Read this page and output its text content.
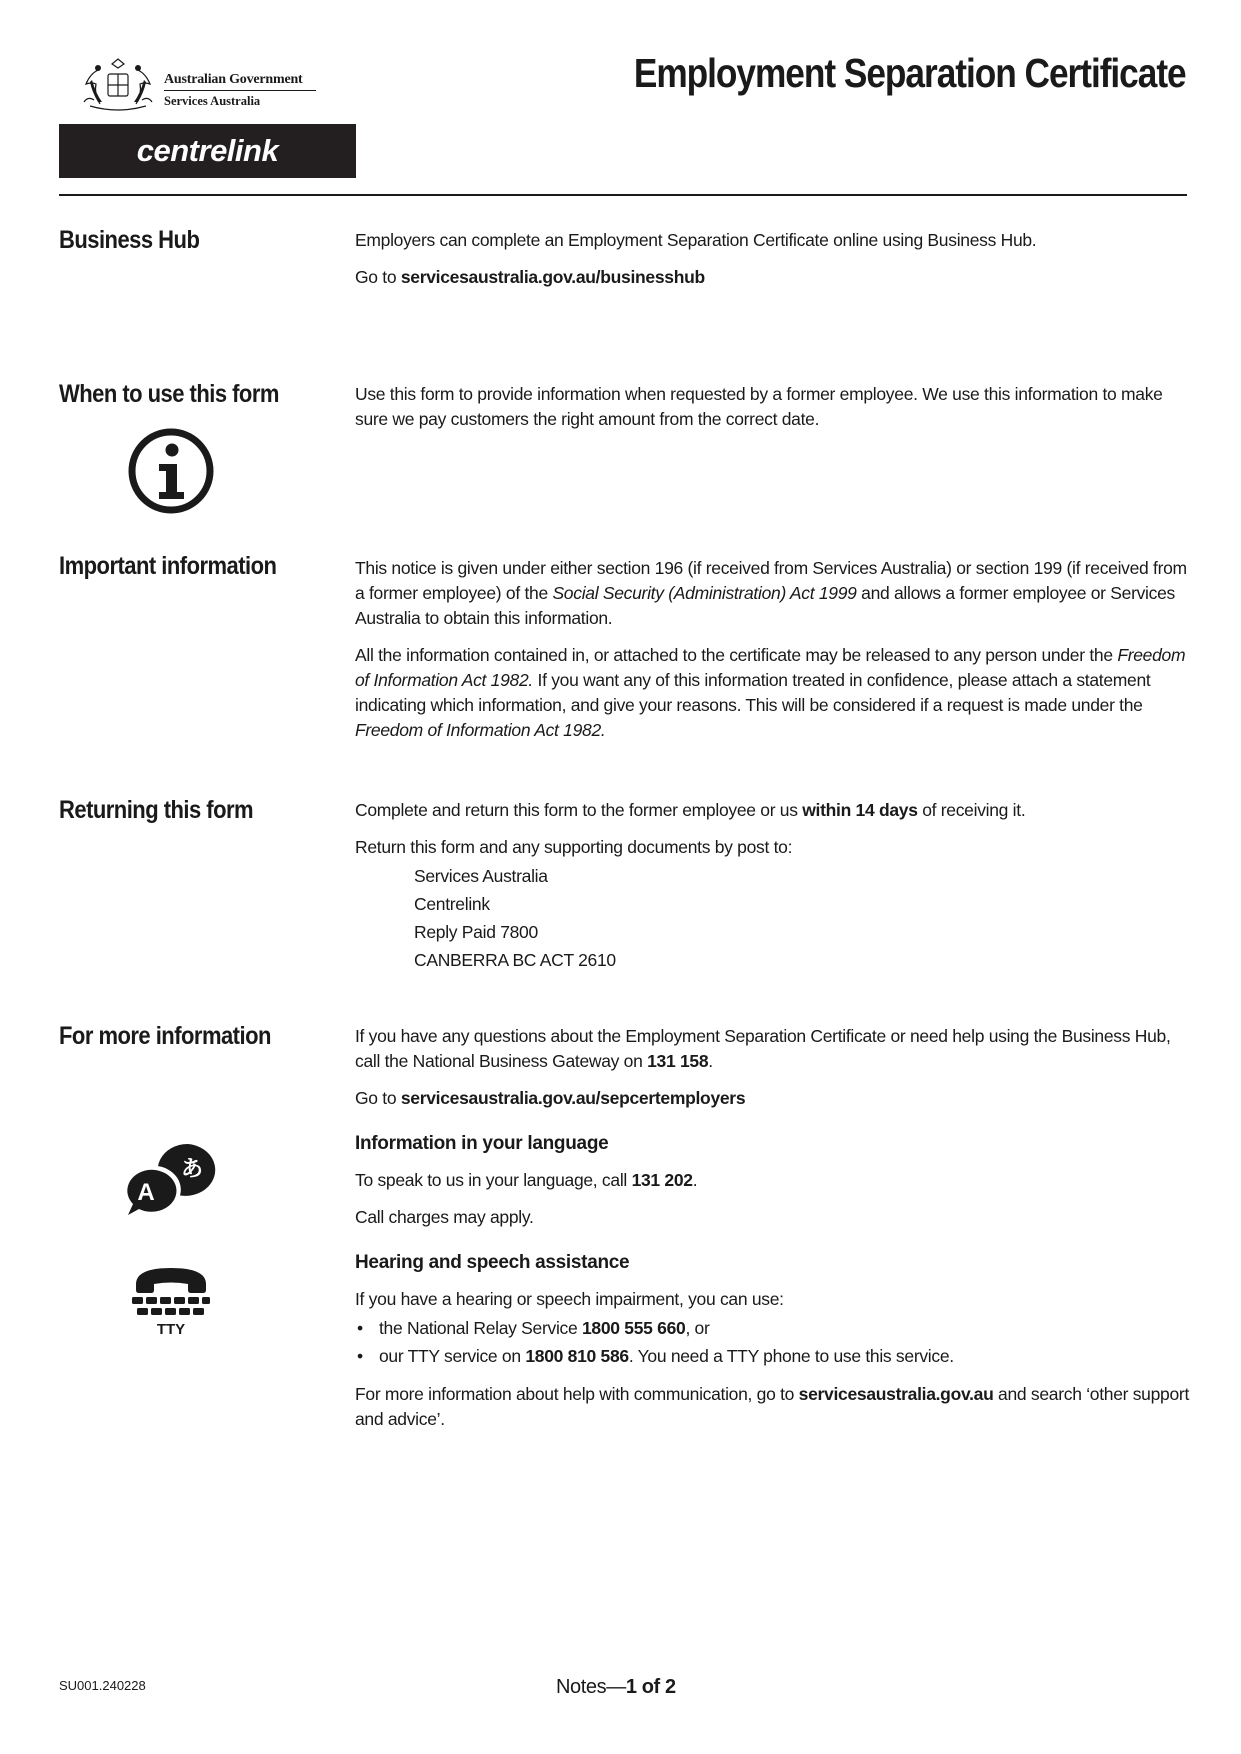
Australian Government
Services Australia
centrelink
Employment Separation Certificate
Business Hub	Employers can complete an Employment Separation Certificate online using Business Hub.

Go to servicesaustralia.gov.au/businesshub

When to use this form	Use this form to provide information when requested by a former employee. We use this information to make sure we pay customers the right amount from the correct date.

Important information	This notice is given under either section 196 (if received from Services Australia) or section 199 (if received from a former employee) of the Social Security (Administration) Act 1999 and allows a former employee or Services Australia to obtain this information.

All the information contained in, or attached to the certificate may be released to any person under the Freedom of Information Act 1982. If you want any of this information treated in confidence, please attach a statement indicating which information, and give your reasons. This will be considered if a request is made under the Freedom of Information Act 1982.

Returning this form	Complete and return this form to the former employee or us within 14 days of receiving it.

Return this form and any supporting documents by post to:

Services Australia
Centrelink
Reply Paid 7800
CANBERRA BC ACT 2610
For more information	If you have any questions about the Employment Separation Certificate or need help using the Business Hub, call the National Business Gateway on 131 158.

Go to servicesaustralia.gov.au/sepcertemployers

Information in your language

To speak to us in your language, call 131 202.

Call charges may apply.

Hearing and speech assistance

If you have a hearing or speech impairment, you can use:

• the National Relay Service 1800 555 660, or
• our TTY service on 1800 810 586. You need a TTY phone to use this service.

For more information about help with communication, go to servicesaustralia.gov.au and search ‘other support and advice’.

A
あ
TTY
SU001.240228	Notes—1 of 2
